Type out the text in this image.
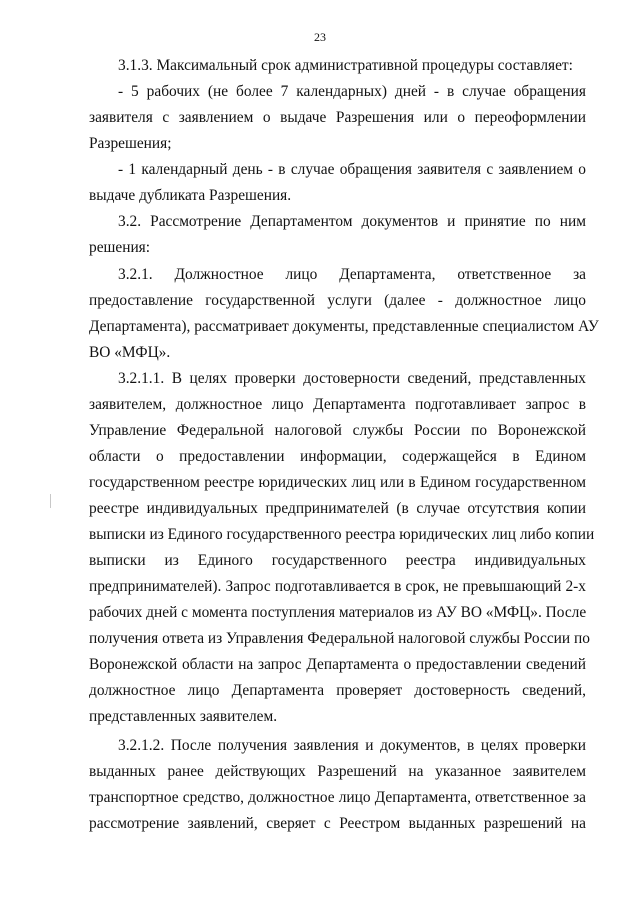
23
3.1.3. Максимальный срок административной процедуры составляет:
- 5 рабочих (не более 7 календарных) дней - в случае обращения
заявителя с заявлением о выдаче Разрешения или о переоформлении
Разрешения;
- 1 календарный день - в случае обращения заявителя с заявлением о
выдаче дубликата Разрешения.
3.2. Рассмотрение Департаментом документов и принятие по ним
решения:
3.2.1. Должностное лицо Департамента, ответственное за
предоставление государственной услуги (далее - должностное лицо
Департамента), рассматривает документы, представленные специалистом АУ
ВО «МФЦ».
3.2.1.1. В целях проверки достоверности сведений, представленных
заявителем, должностное лицо Департамента подготавливает запрос в
Управление Федеральной налоговой службы России по Воронежской
области о предоставлении информации, содержащейся в Едином
государственном реестре юридических лиц или в Едином государственном
реестре индивидуальных предпринимателей (в случае отсутствия копии
выписки из Единого государственного реестра юридических лиц либо копии
выписки из Единого государственного реестра индивидуальных
предпринимателей). Запрос подготавливается в срок, не превышающий 2-х
рабочих дней с момента поступления материалов из АУ ВО «МФЦ». После
получения ответа из Управления Федеральной налоговой службы России по
Воронежской области на запрос Департамента о предоставлении сведений
должностное лицо Департамента проверяет достоверность сведений,
представленных заявителем.
3.2.1.2. После получения заявления и документов, в целях проверки
выданных ранее действующих Разрешений на указанное заявителем
транспортное средство, должностное лицо Департамента, ответственное за
рассмотрение заявлений, сверяет с Реестром выданных разрешений на
